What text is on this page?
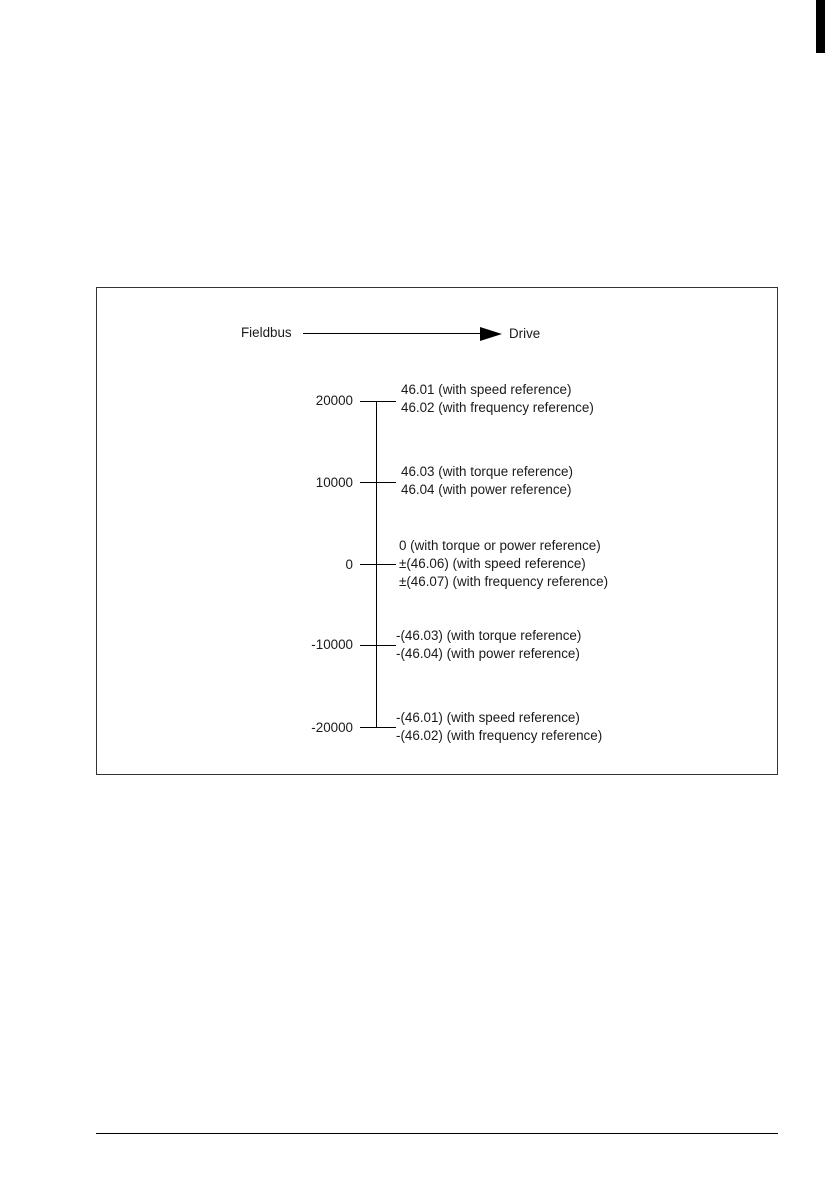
Fieldbus	Drive
20000
10000
0
-10000
-20000
46.01 (with speed reference)
46.02 (with frequency reference)
46.03 (with torque reference)
46.04 (with power reference)
0 (with torque or power reference)
±(46.06) (with speed reference)
±(46.07) (with frequency reference)
-(46.03) (with torque reference)
-(46.04) (with power reference)
-(46.01) (with speed reference)
-(46.02) (with frequency reference)
